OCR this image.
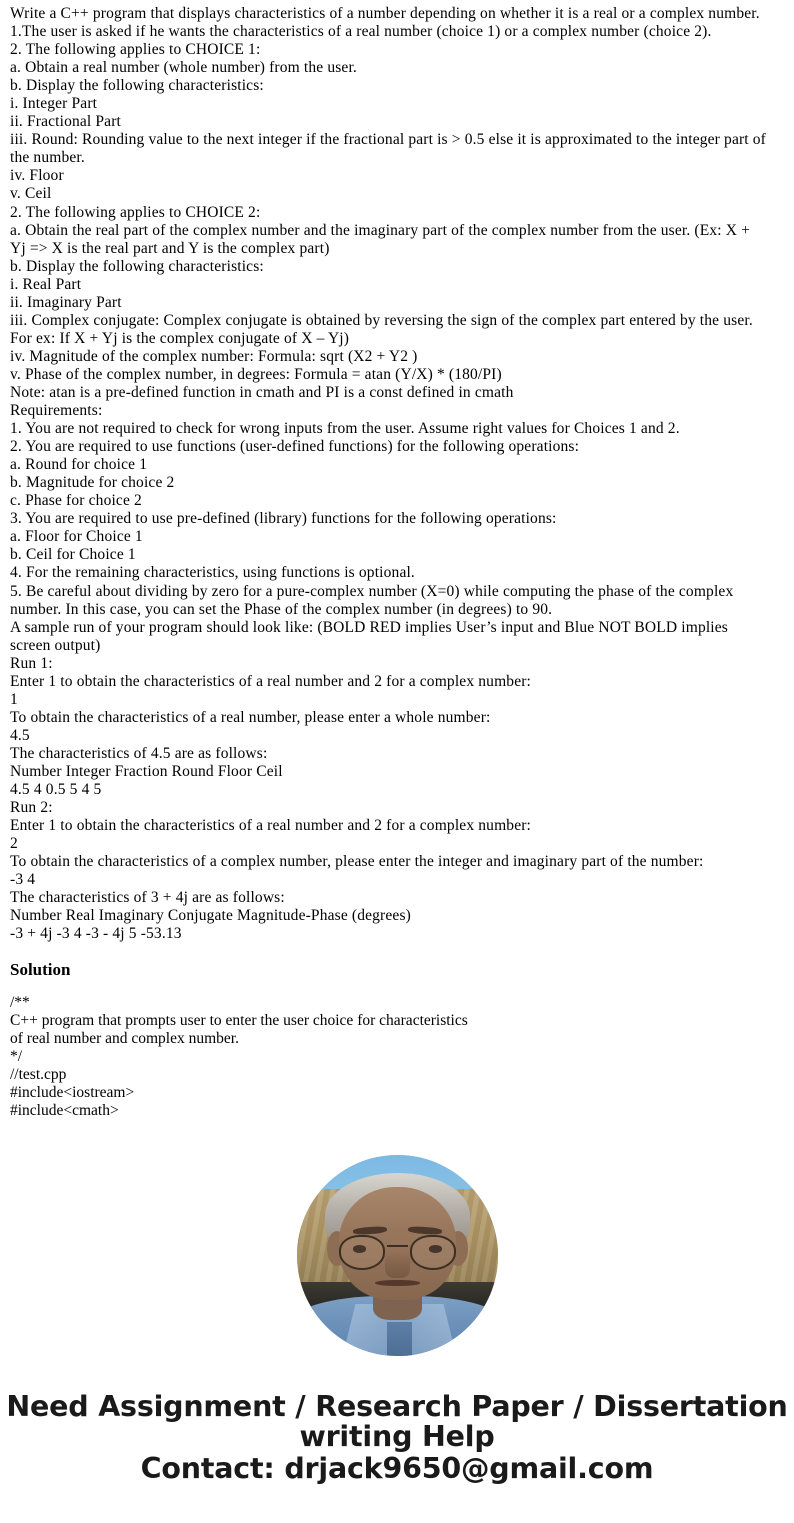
Write a C++ program that displays characteristics of a number depending on whether it is a real or a complex number.

1.The user is asked if he wants the characteristics of a real number (choice 1) or a complex number (choice 2).

2. The following applies to CHOICE 1:

a. Obtain a real number (whole number) from the user.

b. Display the following characteristics:

i. Integer Part

ii. Fractional Part

iii. Round: Rounding value to the next integer if the fractional part is > 0.5 else it is approximated to the integer part of the number.

iv. Floor

v. Ceil

2. The following applies to CHOICE 2:

a. Obtain the real part of the complex number and the imaginary part of the complex number from the user. (Ex: X + Yj => X is the real part and Y is the complex part)

b. Display the following characteristics:

i. Real Part

ii. Imaginary Part

iii. Complex conjugate: Complex conjugate is obtained by reversing the sign of the complex part entered by the user. For ex: If X + Yj is the complex conjugate of X – Yj)

iv. Magnitude of the complex number: Formula: sqrt (X2 + Y2 )

v. Phase of the complex number, in degrees: Formula = atan (Y/X) * (180/PI)

Note: atan is a pre-defined function in cmath and PI is a const defined in cmath

Requirements:

1. You are not required to check for wrong inputs from the user. Assume right values for Choices 1 and 2.

2. You are required to use functions (user-defined functions) for the following operations:

a. Round for choice 1

b. Magnitude for choice 2

c. Phase for choice 2

3. You are required to use pre-defined (library) functions for the following operations:

a. Floor for Choice 1

b. Ceil for Choice 1

4. For the remaining characteristics, using functions is optional.

5. Be careful about dividing by zero for a pure-complex number (X=0) while computing the phase of the complex number. In this case, you can set the Phase of the complex number (in degrees) to 90.

A sample run of your program should look like: (BOLD RED implies User’s input and Blue NOT BOLD implies screen output)

Run 1:

Enter 1 to obtain the characteristics of a real number and 2 for a complex number:

1

To obtain the characteristics of a real number, please enter a whole number:

4.5

The characteristics of 4.5 are as follows:

Number Integer Fraction Round Floor Ceil

4.5 4 0.5 5 4 5

Run 2:

Enter 1 to obtain the characteristics of a real number and 2 for a complex number:

2

To obtain the characteristics of a complex number, please enter the integer and imaginary part of the number:

-3 4

The characteristics of 3 + 4j are as follows:

Number Real Imaginary Conjugate Magnitude-Phase (degrees)

-3 + 4j -3 4 -3 - 4j 5 -53.13

Solution

/**

C++ program that prompts user to enter the user choice for characteristics

of real number and complex number.

*/

//test.cpp

#include<iostream>

#include<cmath>

Need Assignment / Research Paper / Dissertation
writing Help
Contact: drjack9650@gmail.com
